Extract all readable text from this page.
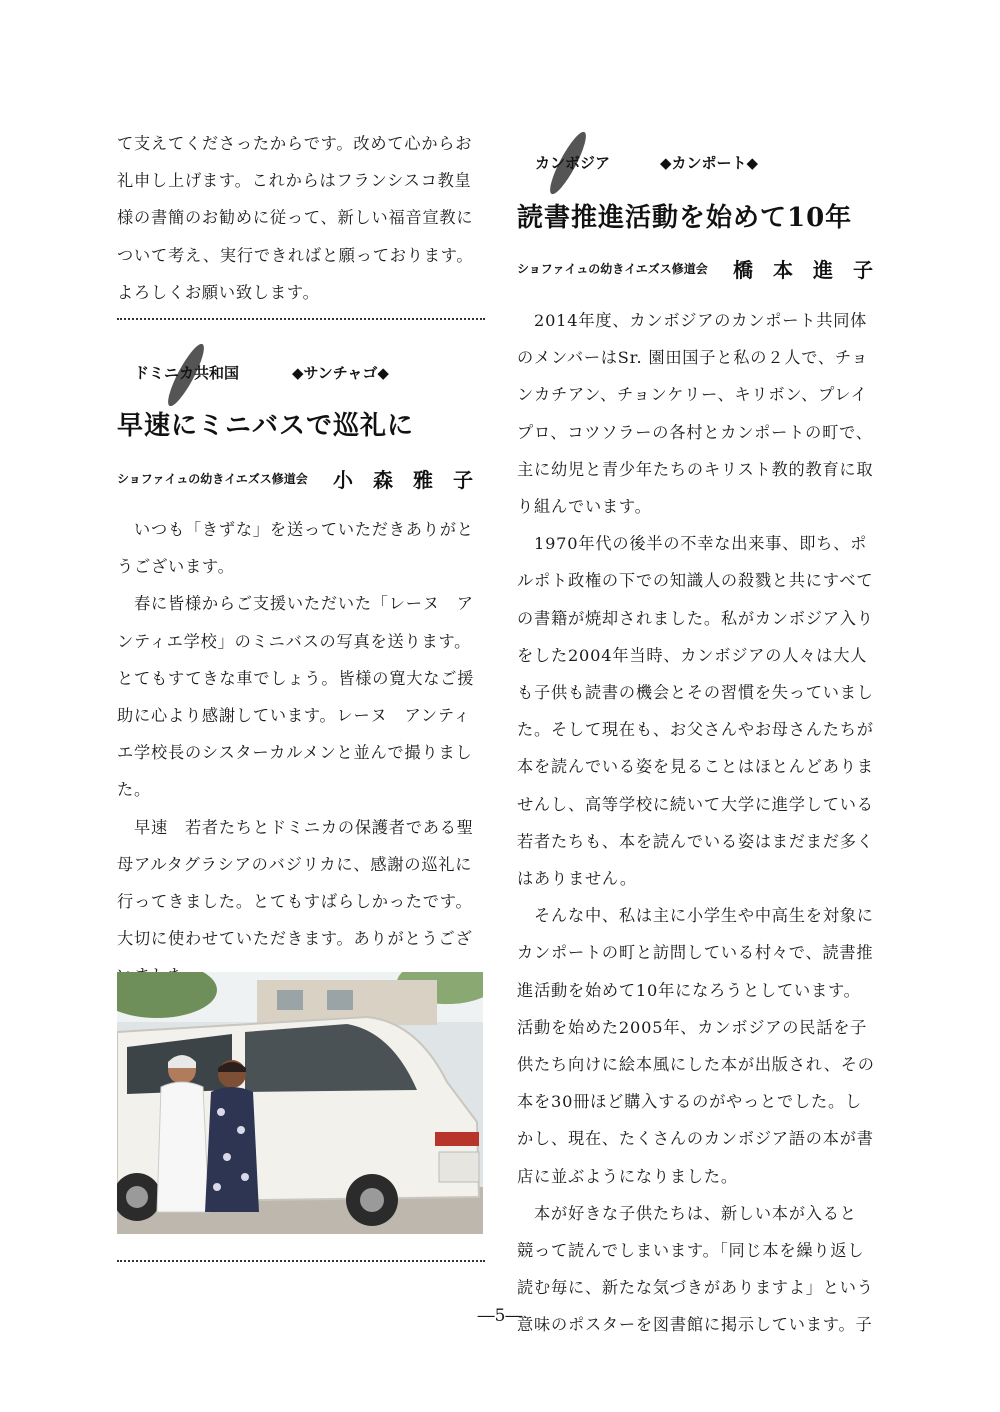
て支えてくださったからです。改めて心からお
礼申し上げます。これからはフランシスコ教皇
様の書簡のお勧めに従って、新しい福音宣教に
ついて考え、実行できればと願っております。
よろしくお願い致します。

ドミニカ共和国	◆サンチャゴ◆
早速にミニバスで巡礼に
ショファイュの幼きイエズス修道会 小森雅子

　いつも「きずな」を送っていただきありがと
うございます。
　春に皆様からご支援いただいた「レーヌ　ア
ンティエ学校」のミニバスの写真を送ります。
とてもすてきな車でしょう。皆様の寛大なご援
助に心より感謝しています。レーヌ　アンティ
エ学校長のシスターカルメンと並んで撮りまし
た。
　早速　若者たちとドミニカの保護者である聖
母アルタグラシアのバジリカに、感謝の巡礼に
行ってきました。とてもすばらしかったです。
大切に使わせていただきます。ありがとうござ

カンボジア	◆カンポート◆
読書推進活動を始めて10年
ショファイュの幼きイエズス修道会 橋本進子

　2014年度、カンボジアのカンポート共同体
のメンバーはSr. 園田国子と私の２人で、チョ
ンカチアン、チョンケリー、キリボン、プレイ
プロ、コツソラーの各村とカンポートの町で、
主に幼児と青少年たちのキリスト教的教育に取
り組んでいます。
　1970年代の後半の不幸な出来事、即ち、ポ
ルポト政権の下での知識人の殺戮と共にすべて
の書籍が焼却されました。私がカンボジア入り
をした2004年当時、カンボジアの人々は大人
も子供も読書の機会とその習慣を失っていまし
た。そして現在も、お父さんやお母さんたちが
本を読んでいる姿を見ることはほとんどありま
せんし、高等学校に続いて大学に進学している
若者たちも、本を読んでいる姿はまだまだ多く
はありません。
　そんな中、私は主に小学生や中高生を対象に
カンポートの町と訪問している村々で、読書推
進活動を始めて10年になろうとしています。
活動を始めた2005年、カンボジアの民話を子
供たち向けに絵本風にした本が出版され、その
本を30冊ほど購入するのがやっとでした。し
かし、現在、たくさんのカンボジア語の本が書
店に並ぶようになりました。
　本が好きな子供たちは、新しい本が入ると
競って読んでしまいます。「同じ本を繰り返し
読む毎に、新たな気づきがありますよ」という
意味のポスターを図書館に掲示しています。子

―5―
